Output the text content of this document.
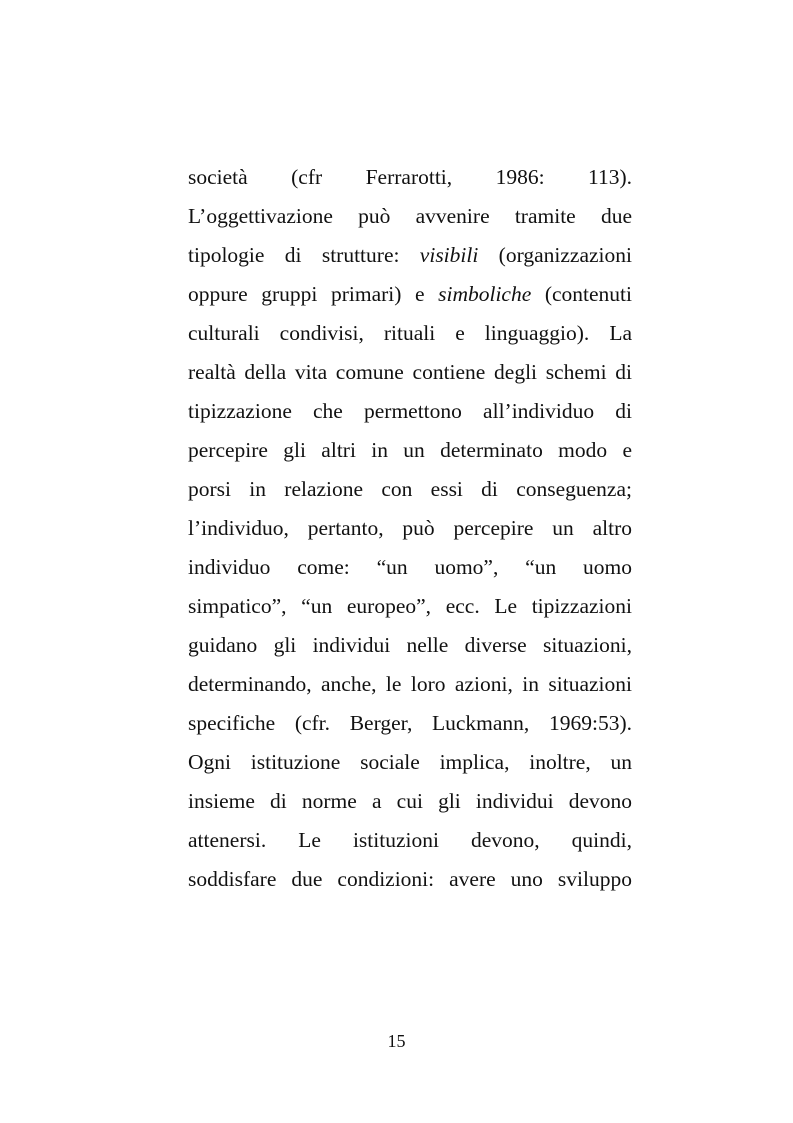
società (cfr Ferrarotti, 1986: 113).
L’oggettivazione può avvenire tramite due
tipologie di strutture: visibili (organizzazioni
oppure gruppi primari) e simboliche (contenuti
culturali condivisi, rituali e linguaggio). La
realtà della vita comune contiene degli schemi di
tipizzazione che permettono all’individuo di
percepire gli altri in un determinato modo e
porsi in relazione con essi di conseguenza;
l’individuo, pertanto, può percepire un altro
individuo come: “un uomo”, “un uomo
simpatico”, “un europeo”, ecc. Le tipizzazioni
guidano gli individui nelle diverse situazioni,
determinando, anche, le loro azioni, in situazioni
specifiche (cfr. Berger, Luckmann, 1969:53).
Ogni istituzione sociale implica, inoltre, un
insieme di norme a cui gli individui devono
attenersi. Le istituzioni devono, quindi,
soddisfare due condizioni: avere uno sviluppo
15
